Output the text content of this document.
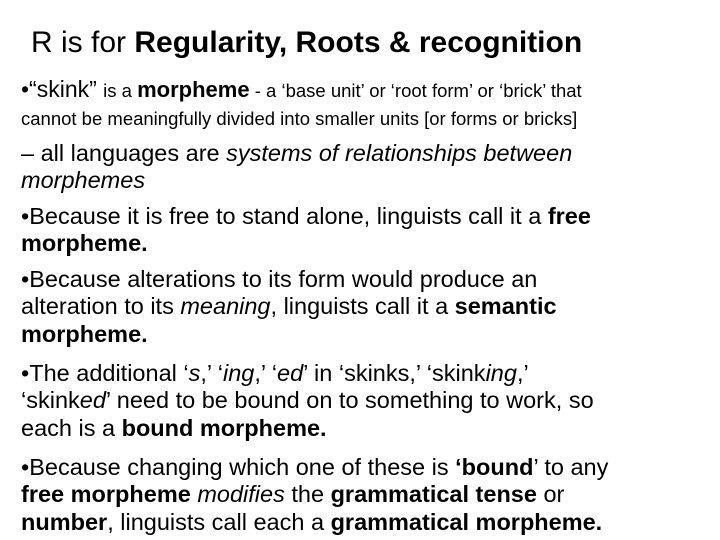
R is for Regularity, Roots & recognition
•“skink” is a morpheme - a ‘base unit’ or ‘root form’ or ‘brick’ that
cannot be meaningfully divided into smaller units [or forms or bricks]
– all languages are systems of relationships between
morphemes
•Because it is free to stand alone, linguists call it a free
morpheme.
•Because alterations to its form would produce an
alteration to its meaning, linguists call it a semantic
morpheme.
•The additional ‘s,’ ‘ing,’ ‘ed’ in ‘skinks,’ ‘skinking,’
‘skinked’ need to be bound on to something to work, so
each is a bound morpheme.
•Because changing which one of these is ‘bound’ to any
free morpheme modifies the grammatical tense or
number, linguists call each a grammatical morpheme.
